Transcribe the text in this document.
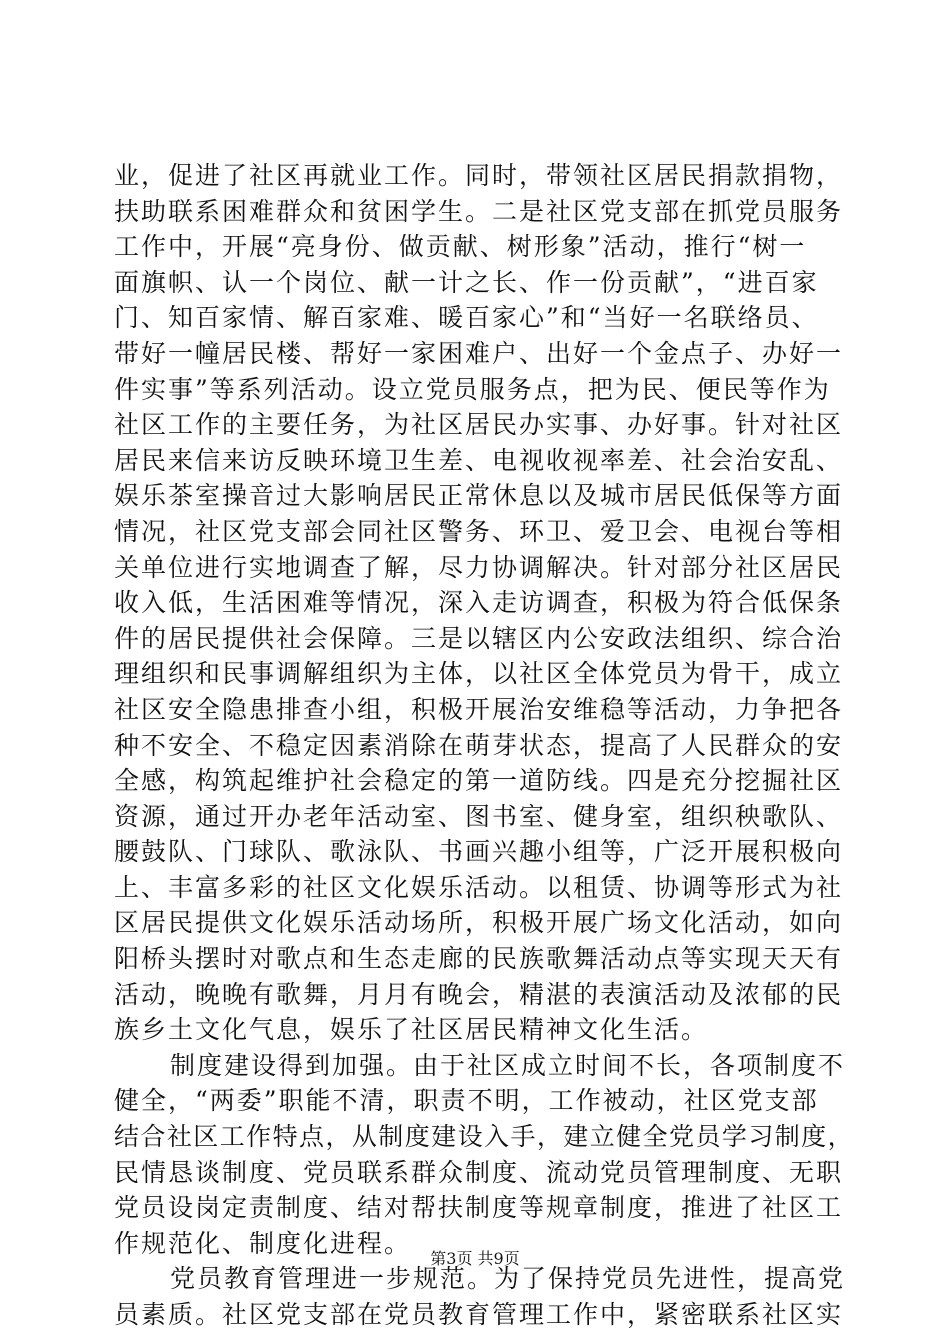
业，促进了社区再就业工作。同时，带领社区居民捐款捐物，
扶助联系困难群众和贫困学生。二是社区党支部在抓党员服务
工作中，开展“亮身份、做贡献、树形象”活动，推行“树一
面旗帜、认一个岗位、献一计之长、作一份贡献”，“进百家
门、知百家情、解百家难、暖百家心”和“当好一名联络员、
带好一幢居民楼、帮好一家困难户、出好一个金点子、办好一
件实事”等系列活动。设立党员服务点，把为民、便民等作为
社区工作的主要任务，为社区居民办实事、办好事。针对社区
居民来信来访反映环境卫生差、电视收视率差、社会治安乱、
娱乐茶室操音过大影响居民正常休息以及城市居民低保等方面
情况，社区党支部会同社区警务、环卫、爱卫会、电视台等相
关单位进行实地调查了解，尽力协调解决。针对部分社区居民
收入低，生活困难等情况，深入走访调查，积极为符合低保条
件的居民提供社会保障。三是以辖区内公安政法组织、综合治
理组织和民事调解组织为主体，以社区全体党员为骨干，成立
社区安全隐患排查小组，积极开展治安维稳等活动，力争把各
种不安全、不稳定因素消除在萌芽状态，提高了人民群众的安
全感，构筑起维护社会稳定的第一道防线。四是充分挖掘社区
资源，通过开办老年活动室、图书室、健身室，组织秧歌队、
腰鼓队、门球队、歌泳队、书画兴趣小组等，广泛开展积极向
上、丰富多彩的社区文化娱乐活动。以租赁、协调等形式为社
区居民提供文化娱乐活动场所，积极开展广场文化活动，如向
阳桥头摆时对歌点和生态走廊的民族歌舞活动点等实现天天有
活动，晚晚有歌舞，月月有晚会，精湛的表演活动及浓郁的民
族乡土文化气息，娱乐了社区居民精神文化生活。
制度建设得到加强。由于社区成立时间不长，各项制度不
健全，“两委”职能不清，职责不明，工作被动，社区党支部
结合社区工作特点，从制度建设入手，建立健全党员学习制度，
民情恳谈制度、党员联系群众制度、流动党员管理制度、无职
党员设岗定责制度、结对帮扶制度等规章制度，推进了社区工
作规范化、制度化进程。
党员教育管理进一步规范。为了保持党员先进性，提高党
员素质。社区党支部在党员教育管理工作中，紧密联系社区实
第3页 共9页
